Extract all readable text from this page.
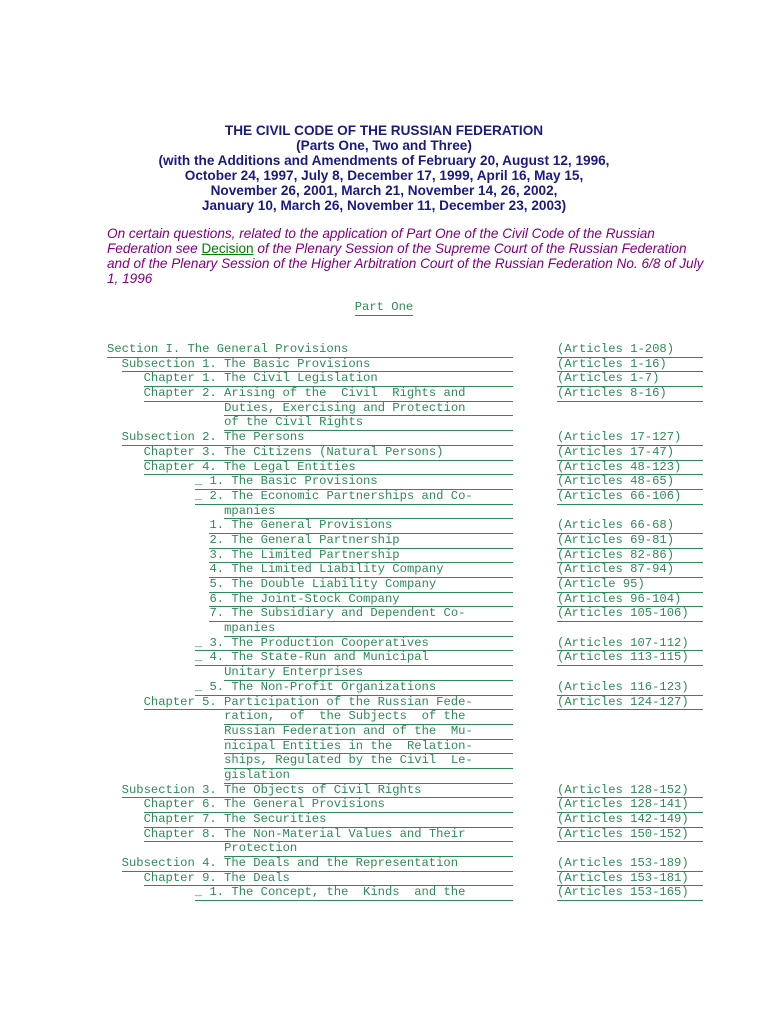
THE CIVIL CODE OF THE RUSSIAN FEDERATION
(Parts One, Two and Three)
(with the Additions and Amendments of February 20, August 12, 1996,
October 24, 1997, July 8, December 17, 1999, April 16, May 15,
November 26, 2001, March 21, November 14, 26, 2002,
January 10, March 26, November 11, December 23, 2003)
On certain questions, related to the application of Part One of the Civil Code of the Russian Federation see Decision of the Plenary Session of the Supreme Court of the Russian Federation and of the Plenary Session of the Higher Arbitration Court of the Russian Federation No. 6/8 of July 1, 1996
Part One
Section I. The General Provisions	(Articles 1-208)
Subsection 1. The Basic Provisions	(Articles 1-16)
Chapter 1. The Civil Legislation	(Articles 1-7)
Chapter 2. Arising of the  Civil  Rights and	(Articles 8-16)
Duties, Exercising and Protection
of the Civil Rights
Subsection 2. The Persons	(Articles 17-127)
Chapter 3. The Citizens (Natural Persons)	(Articles 17-47)
Chapter 4. The Legal Entities	(Articles 48-123)
_ 1. The Basic Provisions	(Articles 48-65)
_ 2. The Economic Partnerships and Co-	(Articles 66-106)
mpanies
1. The General Provisions	(Articles 66-68)
2. The General Partnership	(Articles 69-81)
3. The Limited Partnership	(Articles 82-86)
4. The Limited Liability Company	(Articles 87-94)
5. The Double Liability Company	(Article 95)
6. The Joint-Stock Company	(Articles 96-104)
7. The Subsidiary and Dependent Co-	(Articles 105-106)
mpanies
_ 3. The Production Cooperatives	(Articles 107-112)
_ 4. The State-Run and Municipal	(Articles 113-115)
Unitary Enterprises
_ 5. The Non-Profit Organizations	(Articles 116-123)
Chapter 5. Participation of the Russian Fede-	(Articles 124-127)
ration,  of  the Subjects  of the
Russian Federation and of the  Mu-
nicipal Entities in the  Relation-
ships, Regulated by the Civil  Le-
gislation
Subsection 3. The Objects of Civil Rights	(Articles 128-152)
Chapter 6. The General Provisions	(Articles 128-141)
Chapter 7. The Securities	(Articles 142-149)
Chapter 8. The Non-Material Values and Their	(Articles 150-152)
Protection
Subsection 4. The Deals and the Representation	(Articles 153-189)
Chapter 9. The Deals	(Articles 153-181)
_ 1. The Concept, the  Kinds  and the	(Articles 153-165)
